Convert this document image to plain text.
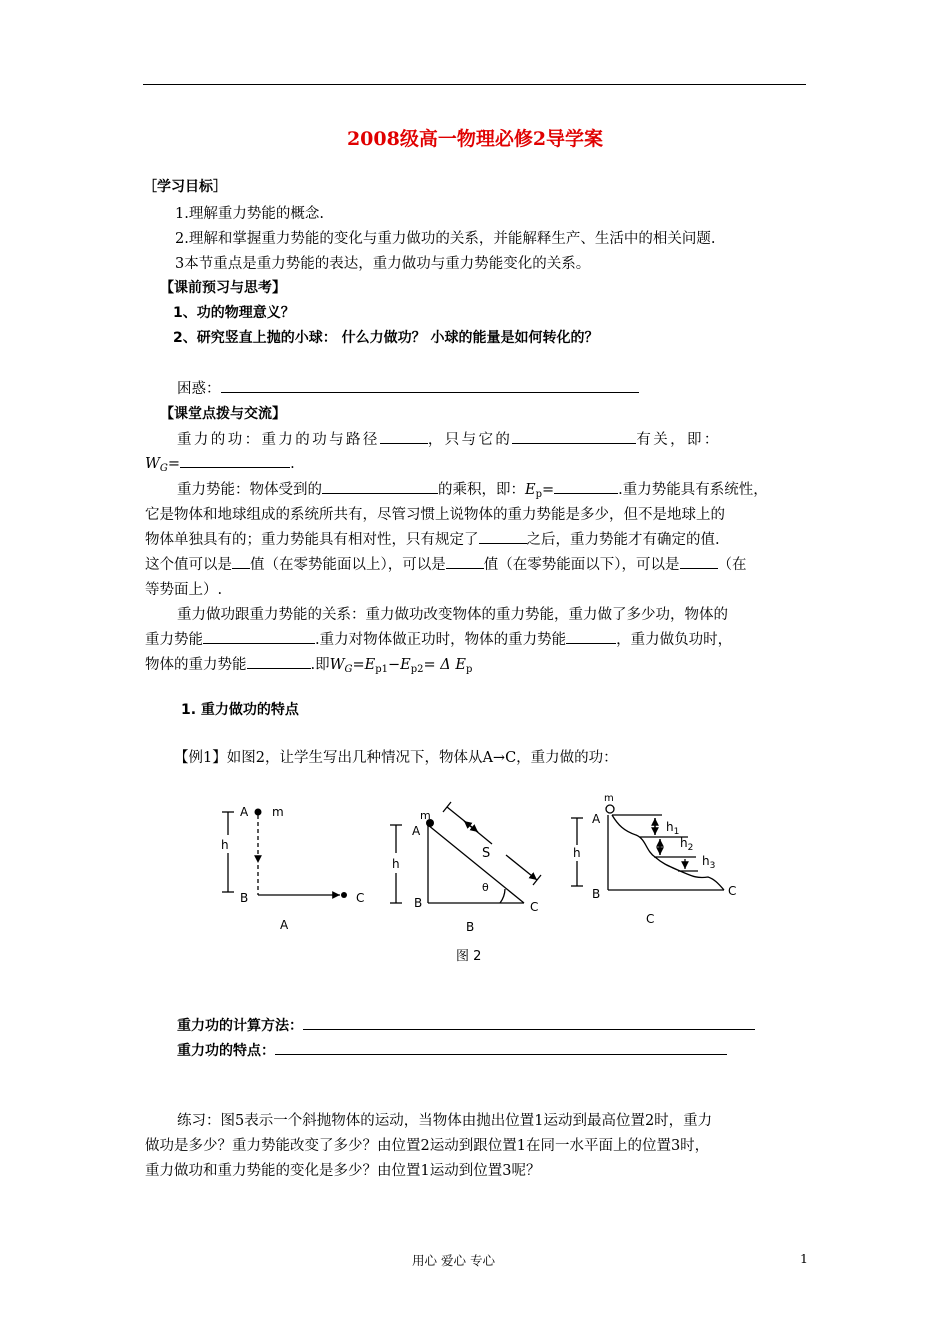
2008级高一物理必修2导学案
［学习目标］
1.理解重力势能的概念.
2.理解和掌握重力势能的变化与重力做功的关系，并能解释生产、生活中的相关问题.
3本节重点是重力势能的表达，重力做功与重力势能变化的关系。
【课前预习与思考】
1、功的物理意义？
2、研究竖直上抛的小球： 什么力做功？ 小球的能量是如何转化的？
困惑：
【课堂点拨与交流】
重力的功：重力的功与路径	，只与它的	有关，即：
$W_G=$	.
重力势能：物体受到的	的乘积，即：$E_p=$	.重力势能具有系统性，
它是物体和地球组成的系统所共有，尽管习惯上说物体的重力势能是多少，但不是地球上的
物体单独具有的；重力势能具有相对性，只有规定了	之后，重力势能才有确定的值.
这个值可以是 值（在零势能面以上），可以是	值（在零势能面以下），可以是	（在
等势面上）.
重力做功跟重力势能的关系：重力做功改变物体的重力势能，重力做了多少功，物体的
重力势能	.重力对物体做正功时，物体的重力势能	，重力做负功时，
物体的重力势能	.即$W_G=E_{p1}-E_{p2}= \Delta$ $E_p$
1. 重力做功的特点
【例1】如图2，让学生写出几种情况下，物体从A→C，重力做的功：
A m
h
B	C
A
m
A
S
h
θ
B	C
B
m
A
h
$h_1$
$h_2$
$h_3$
B	C
C
图 2
重力功的计算方法：
重力功的特点：
练习：图5表示一个斜抛物体的运动，当物体由抛出位置1运动到最高位置2时，重力
做功是多少？重力势能改变了多少？由位置2运动到跟位置1在同一水平面上的位置3时，
重力做功和重力势能的变化是多少？由位置1运动到位置3呢？
用心 爱心 专心	1
